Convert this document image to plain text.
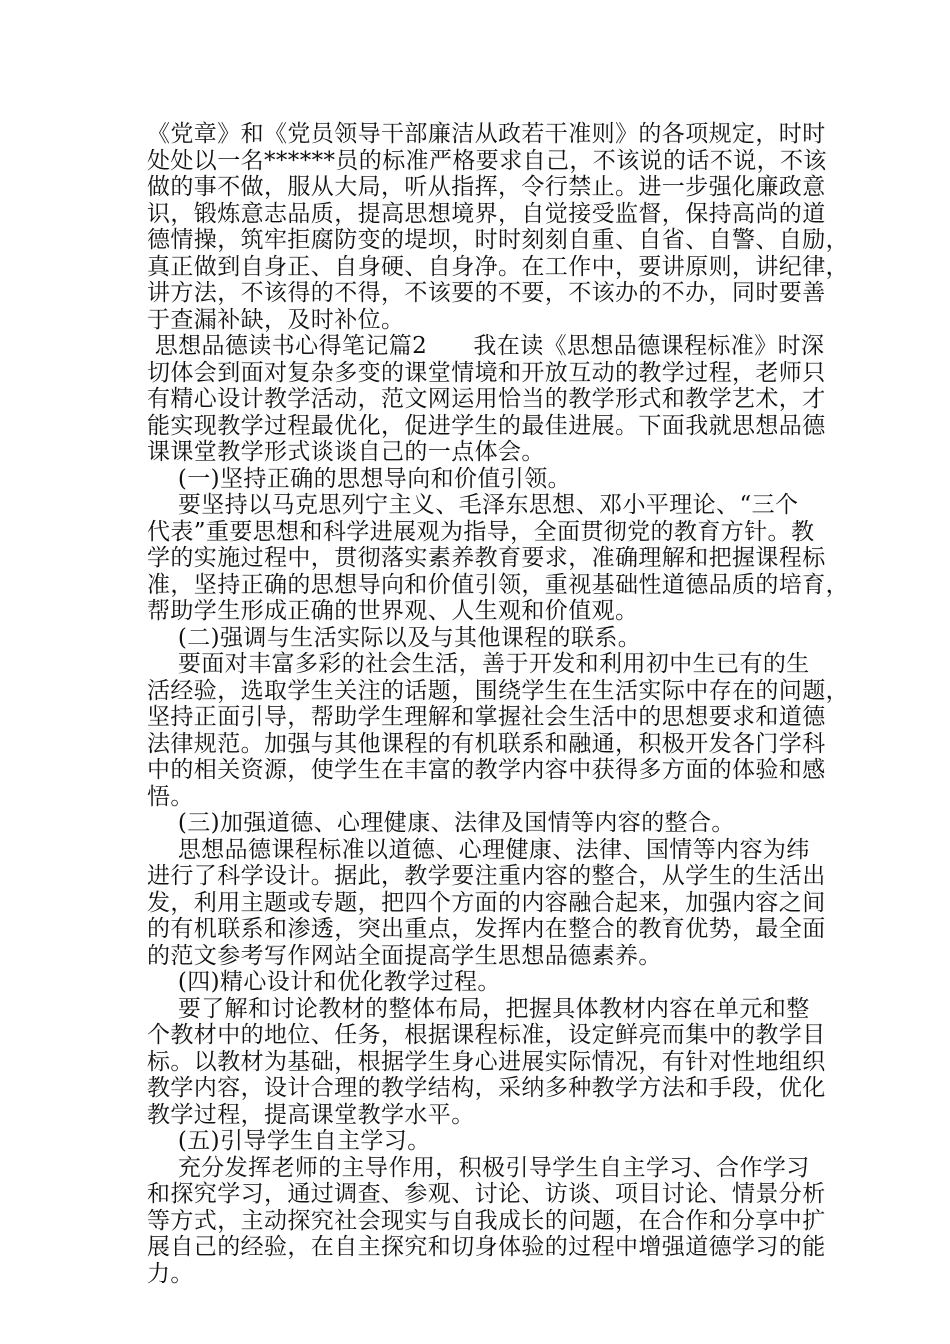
《党章》和《党员领导干部廉洁从政若干准则》的各项规定，时时
处处以一名******员的标准严格要求自己，不该说的话不说，不该
做的事不做，服从大局，听从指挥，令行禁止。进一步强化廉政意
识，锻炼意志品质，提高思想境界，自觉接受监督，保持高尚的道
德情操，筑牢拒腐防变的堤坝，时时刻刻自重、自省、自警、自励，
真正做到自身正、自身硬、自身净。在工作中，要讲原则，讲纪律，
讲方法，不该得的不得，不该要的不要，不该办的不办，同时要善
于查漏补缺，及时补位。
思想品德读书心得笔记篇2      我在读《思想品德课程标准》时深
切体会到面对复杂多变的课堂情境和开放互动的教学过程，老师只
有精心设计教学活动，范文网运用恰当的教学形式和教学艺术，才
能实现教学过程最优化，促进学生的最佳进展。下面我就思想品德
课课堂教学形式谈谈自己的一点体会。
(一)坚持正确的思想导向和价值引领。
要坚持以马克思列宁主义、毛泽东思想、邓小平理论、“三个
代表”重要思想和科学进展观为指导，全面贯彻党的教育方针。教
学的实施过程中，贯彻落实素养教育要求，准确理解和把握课程标
准，坚持正确的思想导向和价值引领，重视基础性道德品质的培育，
帮助学生形成正确的世界观、人生观和价值观。
(二)强调与生活实际以及与其他课程的联系。
要面对丰富多彩的社会生活，善于开发和利用初中生已有的生
活经验，选取学生关注的话题，围绕学生在生活实际中存在的问题，
坚持正面引导，帮助学生理解和掌握社会生活中的思想要求和道德
法律规范。加强与其他课程的有机联系和融通，积极开发各门学科
中的相关资源，使学生在丰富的教学内容中获得多方面的体验和感
悟。
(三)加强道德、心理健康、法律及国情等内容的整合。
思想品德课程标准以道德、心理健康、法律、国情等内容为纬
进行了科学设计。据此，教学要注重内容的整合，从学生的生活出
发，利用主题或专题，把四个方面的内容融合起来，加强内容之间
的有机联系和渗透，突出重点，发挥内在整合的教育优势，最全面
的范文参考写作网站全面提高学生思想品德素养。
(四)精心设计和优化教学过程。
要了解和讨论教材的整体布局，把握具体教材内容在单元和整
个教材中的地位、任务，根据课程标准，设定鲜亮而集中的教学目
标。以教材为基础，根据学生身心进展实际情况，有针对性地组织
教学内容，设计合理的教学结构，采纳多种教学方法和手段，优化
教学过程，提高课堂教学水平。
(五)引导学生自主学习。
充分发挥老师的主导作用，积极引导学生自主学习、合作学习
和探究学习，通过调查、参观、讨论、访谈、项目讨论、情景分析
等方式，主动探究社会现实与自我成长的问题，在合作和分享中扩
展自己的经验，在自主探究和切身体验的过程中增强道德学习的能
力。
